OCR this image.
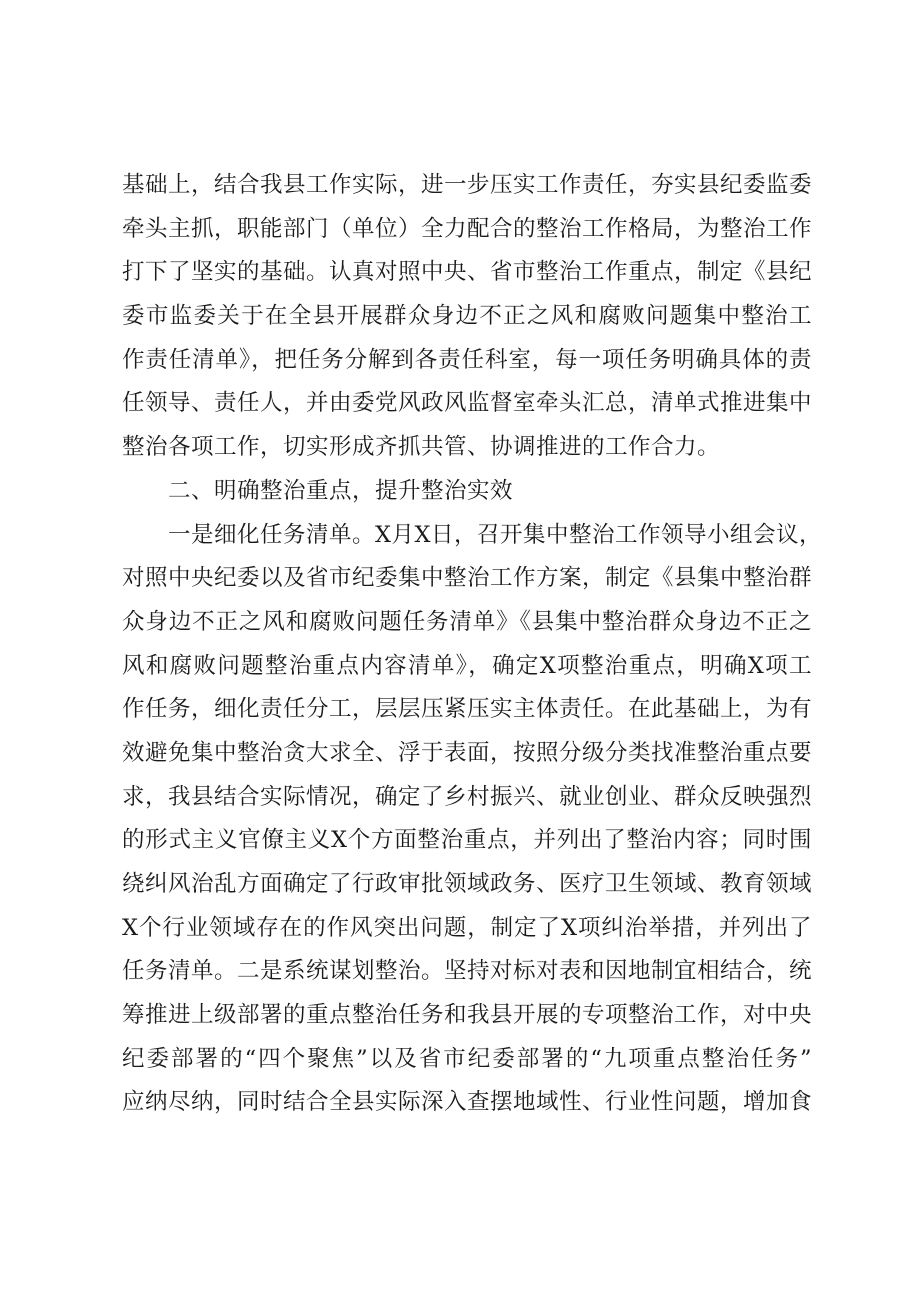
基础上，结合我县工作实际，进一步压实工作责任，夯实县纪委监委
牵头主抓，职能部门（单位）全力配合的整治工作格局，为整治工作
打下了坚实的基础。认真对照中央、省市整治工作重点，制定《县纪
委市监委关于在全县开展群众身边不正之风和腐败问题集中整治工
作责任清单》，把任务分解到各责任科室，每一项任务明确具体的责
任领导、责任人，并由委党风政风监督室牵头汇总，清单式推进集中
整治各项工作，切实形成齐抓共管、协调推进的工作合力。
二、明确整治重点，提升整治实效
一是细化任务清单。X月X日，召开集中整治工作领导小组会议，
对照中央纪委以及省市纪委集中整治工作方案，制定《县集中整治群
众身边不正之风和腐败问题任务清单》《县集中整治群众身边不正之
风和腐败问题整治重点内容清单》，确定X项整治重点，明确X项工
作任务，细化责任分工，层层压紧压实主体责任。在此基础上，为有
效避免集中整治贪大求全、浮于表面，按照分级分类找准整治重点要
求，我县结合实际情况，确定了乡村振兴、就业创业、群众反映强烈
的形式主义官僚主义X个方面整治重点，并列出了整治内容；同时围
绕纠风治乱方面确定了行政审批领域政务、医疗卫生领域、教育领域
X个行业领域存在的作风突出问题，制定了X项纠治举措，并列出了
任务清单。二是系统谋划整治。坚持对标对表和因地制宜相结合，统
筹推进上级部署的重点整治任务和我县开展的专项整治工作，对中央
纪委部署的“四个聚焦”以及省市纪委部署的“九项重点整治任务”
应纳尽纳，同时结合全县实际深入查摆地域性、行业性问题，增加食
